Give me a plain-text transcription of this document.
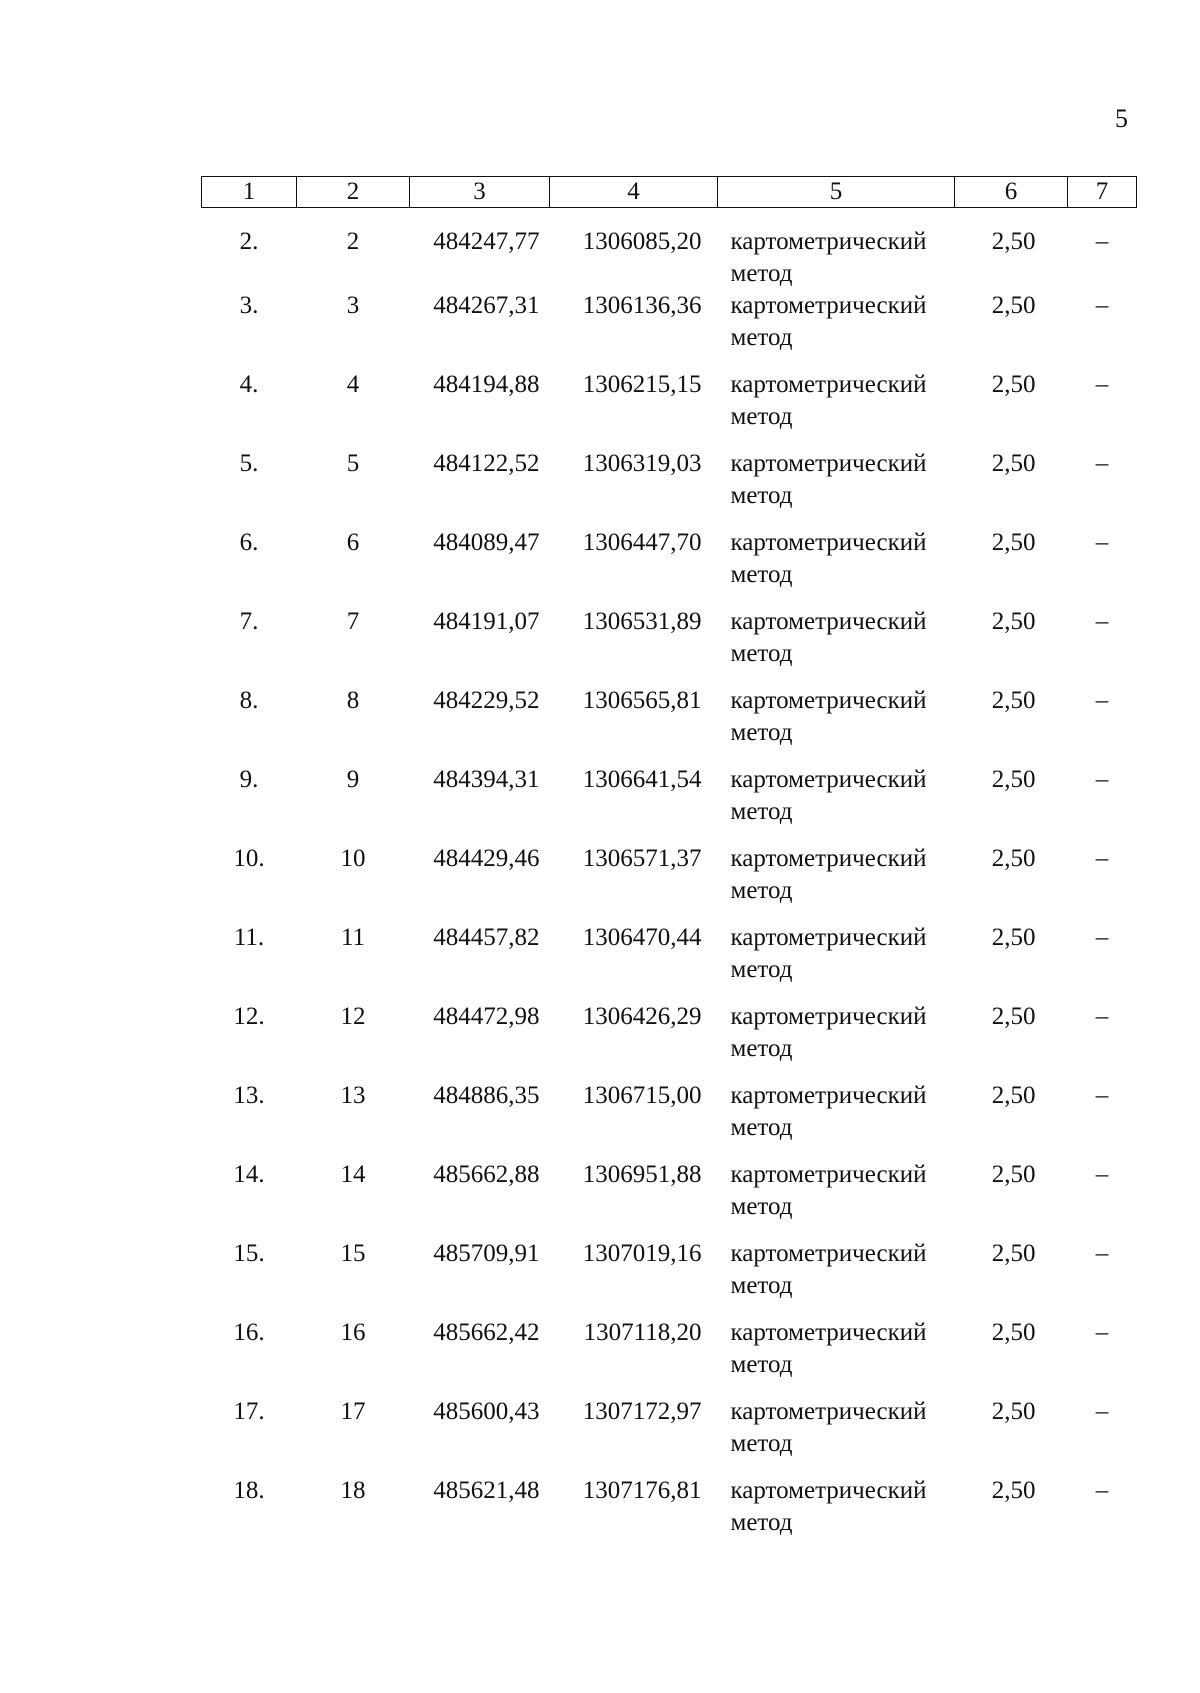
5
1	2	3	4	5	6	7
2.	2	484247,77	1306085,20	картометрический метод	2,50	–
3.	3	484267,31	1306136,36	картометрический метод	2,50	–
4.	4	484194,88	1306215,15	картометрический метод	2,50	–
5.	5	484122,52	1306319,03	картометрический метод	2,50	–
6.	6	484089,47	1306447,70	картометрический метод	2,50	–
7.	7	484191,07	1306531,89	картометрический метод	2,50	–
8.	8	484229,52	1306565,81	картометрический метод	2,50	–
9.	9	484394,31	1306641,54	картометрический метод	2,50	–
10.	10	484429,46	1306571,37	картометрический метод	2,50	–
11.	11	484457,82	1306470,44	картометрический метод	2,50	–
12.	12	484472,98	1306426,29	картометрический метод	2,50	–
13.	13	484886,35	1306715,00	картометрический метод	2,50	–
14.	14	485662,88	1306951,88	картометрический метод	2,50	–
15.	15	485709,91	1307019,16	картометрический метод	2,50	–
16.	16	485662,42	1307118,20	картометрический метод	2,50	–
17.	17	485600,43	1307172,97	картометрический метод	2,50	–
18.	18	485621,48	1307176,81	картометрический метод	2,50	–
